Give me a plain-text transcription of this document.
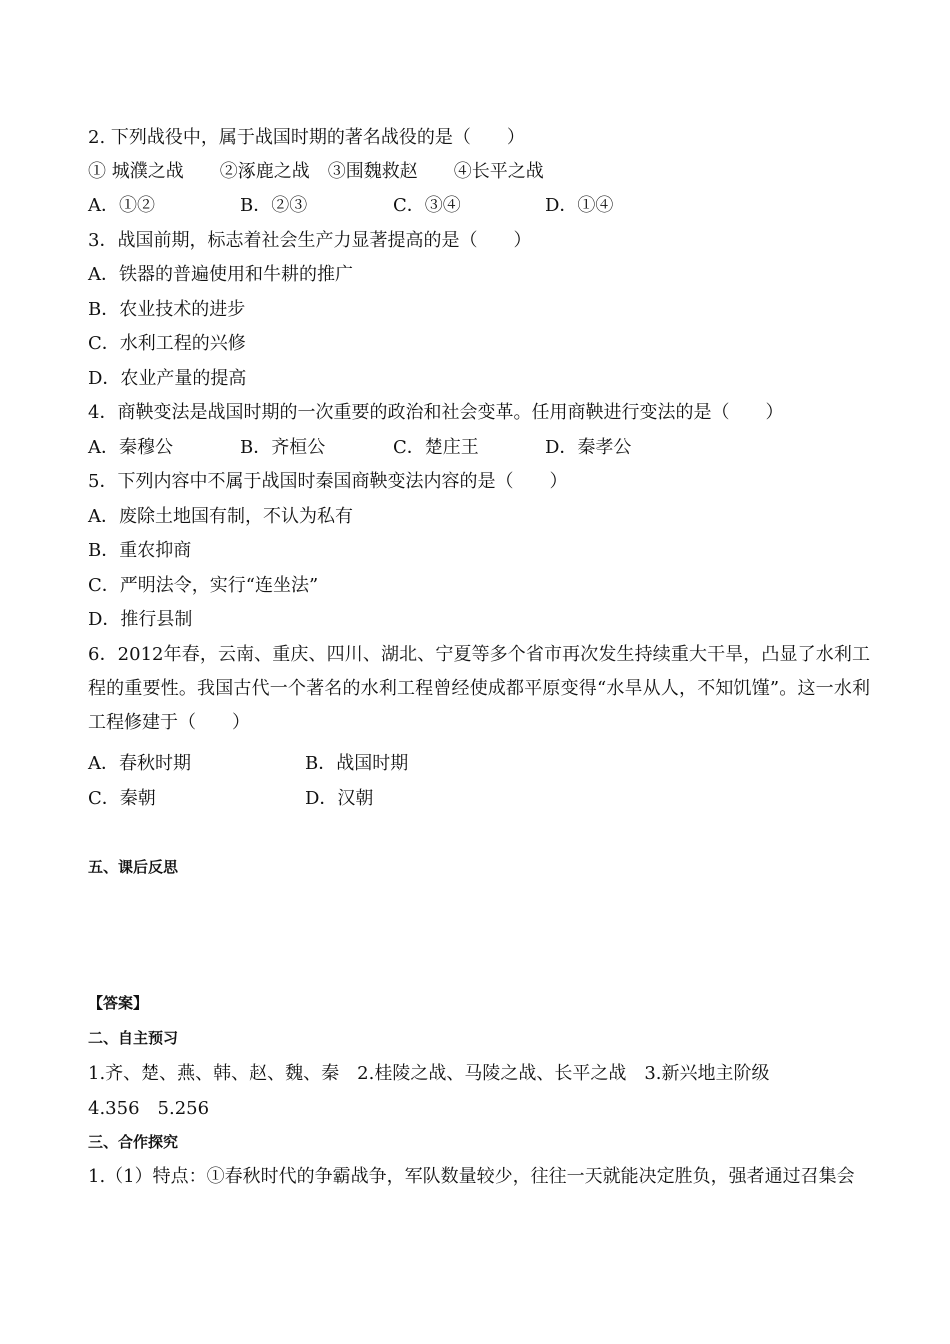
2. 下列战役中，属于战国时期的著名战役的是（　　）
① 城濮之战　　②涿鹿之战　③围魏救赵　　④长平之战
A．①②	B．②③	C．③④	D．①④
3．战国前期，标志着社会生产力显著提高的是（　　）
A．铁器的普遍使用和牛耕的推广
B．农业技术的进步
C．水利工程的兴修
D．农业产量的提高
4．商鞅变法是战国时期的一次重要的政治和社会变革。任用商鞅进行变法的是（　　）
A．秦穆公	B．齐桓公	C．楚庄王	D．秦孝公
5．下列内容中不属于战国时秦国商鞅变法内容的是（　　）
A．废除土地国有制，不认为私有
B．重农抑商
C．严明法令，实行“连坐法”
D．推行县制
6．2012年春，云南、重庆、四川、湖北、宁夏等多个省市再次发生持续重大干旱，凸显了水利工程的重要性。我国古代一个著名的水利工程曾经使成都平原变得“水旱从人，不知饥馑”。这一水利工程修建于（　　）
A．春秋时期	B．战国时期
C．秦朝	D．汉朝
五、课后反思
【答案】
二、自主预习
1.齐、楚、燕、韩、赵、魏、秦　2.桂陵之战、马陵之战、长平之战　3.新兴地主阶级
4.356　5.256
三、合作探究
1.（1）特点：①春秋时代的争霸战争，军队数量较少，往往一天就能决定胜负，强者通过召集会
